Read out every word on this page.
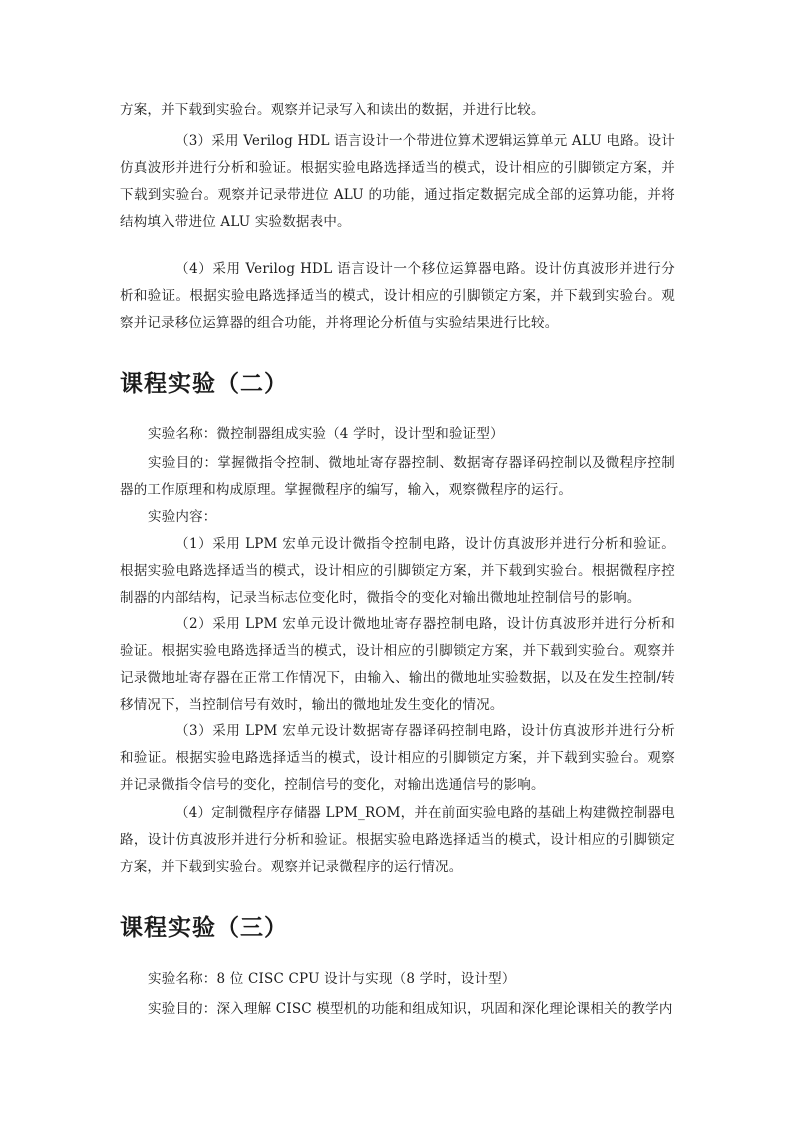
方案，并下载到实验台。观察并记录写入和读出的数据，并进行比较。

（3）采用 Verilog HDL 语言设计一个带进位算术逻辑运算单元 ALU 电路。设计仿真波形并进行分析和验证。根据实验电路选择适当的模式，设计相应的引脚锁定方案，并下载到实验台。观察并记录带进位 ALU 的功能，通过指定数据完成全部的运算功能，并将结构填入带进位 ALU 实验数据表中。

（4）采用 Verilog HDL 语言设计一个移位运算器电路。设计仿真波形并进行分析和验证。根据实验电路选择适当的模式，设计相应的引脚锁定方案，并下载到实验台。观察并记录移位运算器的组合功能，并将理论分析值与实验结果进行比较。

课程实验（二）

实验名称：微控制器组成实验（4 学时，设计型和验证型）

实验目的：掌握微指令控制、微地址寄存器控制、数据寄存器译码控制以及微程序控制器的工作原理和构成原理。掌握微程序的编写，输入，观察微程序的运行。

实验内容：

（1）采用 LPM 宏单元设计微指令控制电路，设计仿真波形并进行分析和验证。根据实验电路选择适当的模式，设计相应的引脚锁定方案，并下载到实验台。根据微程序控制器的内部结构，记录当标志位变化时，微指令的变化对输出微地址控制信号的影响。

（2）采用 LPM 宏单元设计微地址寄存器控制电路，设计仿真波形并进行分析和验证。根据实验电路选择适当的模式，设计相应的引脚锁定方案，并下载到实验台。观察并记录微地址寄存器在正常工作情况下，由输入、输出的微地址实验数据，以及在发生控制/转移情况下，当控制信号有效时，输出的微地址发生变化的情况。

（3）采用 LPM 宏单元设计数据寄存器译码控制电路，设计仿真波形并进行分析和验证。根据实验电路选择适当的模式，设计相应的引脚锁定方案，并下载到实验台。观察并记录微指令信号的变化，控制信号的变化，对输出选通信号的影响。

（4）定制微程序存储器 LPM_ROM，并在前面实验电路的基础上构建微控制器电路，设计仿真波形并进行分析和验证。根据实验电路选择适当的模式，设计相应的引脚锁定方案，并下载到实验台。观察并记录微程序的运行情况。

课程实验（三）

实验名称：8 位 CISC CPU 设计与实现（8 学时，设计型）

实验目的：深入理解 CISC 模型机的功能和组成知识，巩固和深化理论课相关的教学内
